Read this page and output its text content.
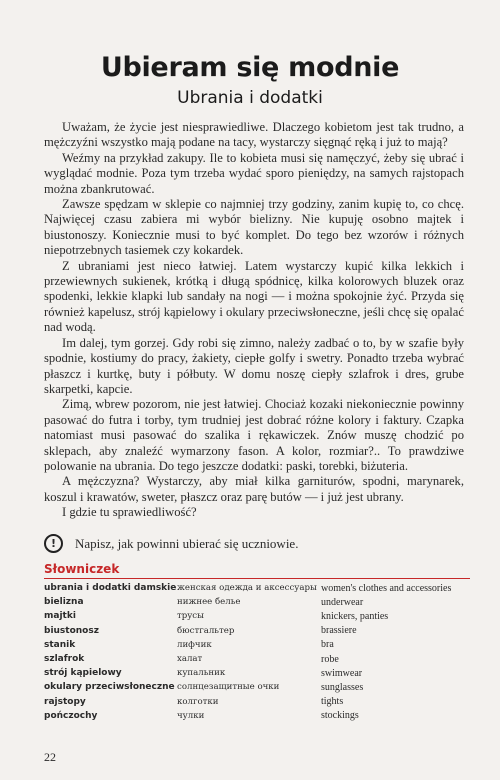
Ubieram się modnie
Ubrania i dodatki

Uważam, że życie jest niesprawiedliwe. Dlaczego kobietom jest tak trudno, a mężczyźni wszystko mają podane na tacy, wystarczy sięgnąć ręką i już to mają?

Weźmy na przykład zakupy. Ile to kobieta musi się namęczyć, żeby się ubrać i wyglądać modnie. Poza tym trzeba wydać sporo pieniędzy, na samych rajstopach można zbankrutować.

Zawsze spędzam w sklepie co najmniej trzy godziny, zanim kupię to, co chcę. Najwięcej czasu zabiera mi wybór bielizny. Nie kupuję osobno majtek i biustonoszy. Koniecznie musi to być komplet. Do tego bez wzorów i różnych niepotrzebnych tasiemek czy kokardek.

Z ubraniami jest nieco łatwiej. Latem wystarczy kupić kilka lekkich i przewiewnych sukienek, krótką i długą spódnicę, kilka kolorowych bluzek oraz spodenki, lekkie klapki lub sandały na nogi — i można spokojnie żyć. Przyda się również kapelusz, strój kąpielowy i okulary przeciwsłoneczne, jeśli chcę się opalać nad wodą.

Im dalej, tym gorzej. Gdy robi się zimno, należy zadbać o to, by w szafie były spodnie, kostiumy do pracy, żakiety, ciepłe golfy i swetry. Ponadto trzeba wybrać płaszcz i kurtkę, buty i półbuty. W domu noszę ciepły szlafrok i dres, grube skarpetki, kapcie.

Zimą, wbrew pozorom, nie jest łatwiej. Chociaż kozaki niekoniecznie powinny pasować do futra i torby, tym trudniej jest dobrać różne kolory i faktury. Czapka natomiast musi pasować do szalika i rękawiczek. Znów muszę chodzić po sklepach, aby znaleźć wymarzony fason. A kolor, rozmiar?.. To prawdziwe polowanie na ubrania. Do tego jeszcze dodatki: paski, torebki, biżuteria.

A mężczyzna? Wystarczy, aby miał kilka garniturów, spodni, marynarek, koszul i krawatów, sweter, płaszcz oraz parę butów — i już jest ubrany.

I gdzie tu sprawiedliwość?

!	Napisz, jak powinni ubierać się uczniowie.
Słowniczek
ubrania i dodatki damskie	женская одежда и аксессуары	women's clothes and accessories
bielizna	нижнее белье	underwear
majtki	трусы	knickers, panties
biustonosz	бюстгальтер	brassiere
stanik	лифчик	bra
szlafrok	халат	robe
strój kąpielowy	купальник	swimwear
okulary przeciwsłoneczne	солнцезащитные очки	sunglasses
rajstopy	колготки	tights
pończochy	чулки	stockings
22
